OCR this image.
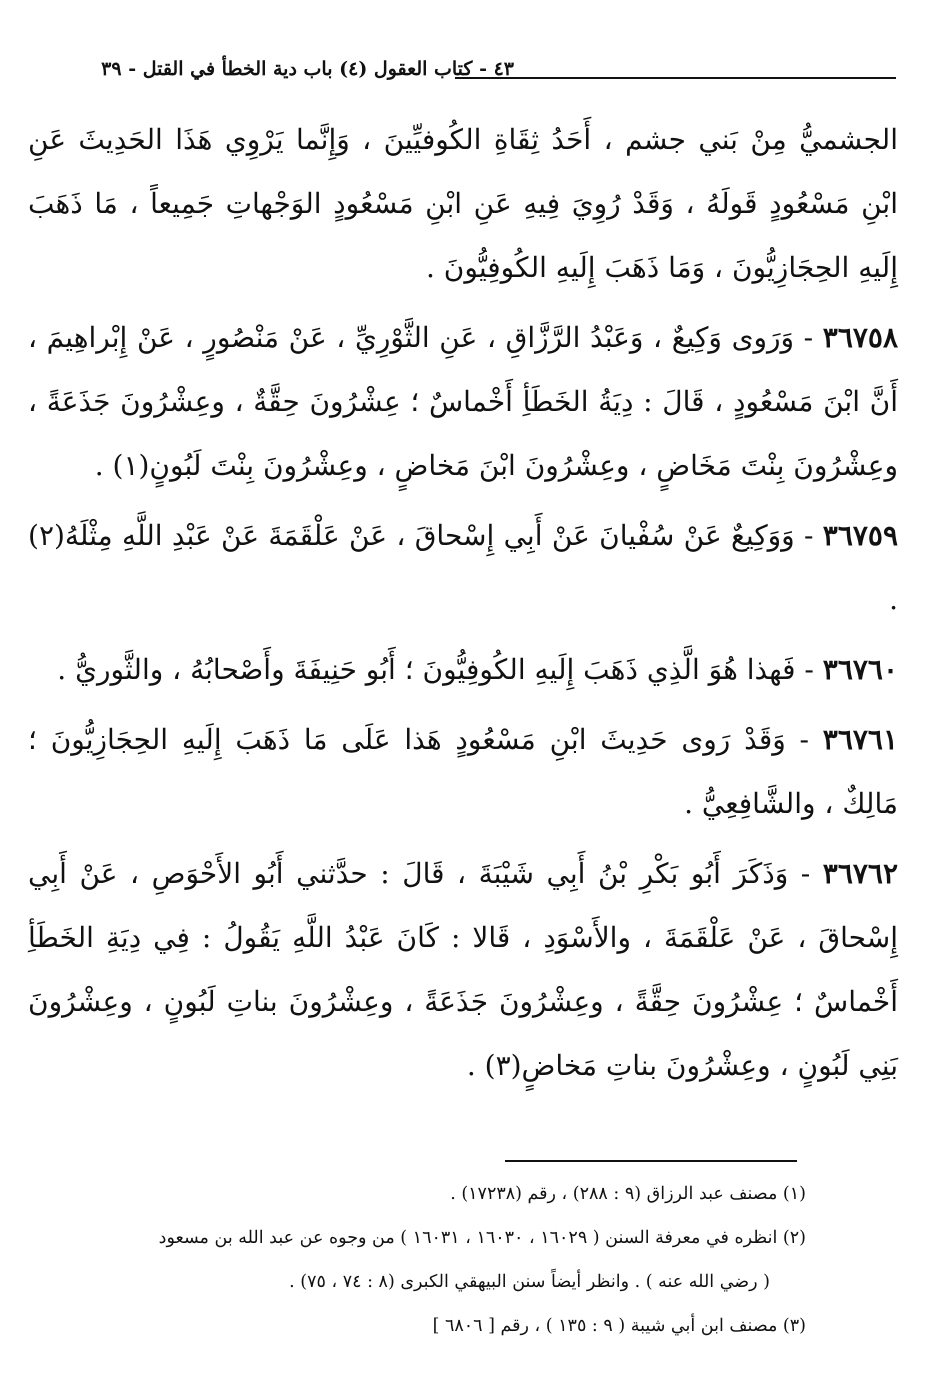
٤٣ - كتاب العقول (٤) باب دية الخطأ في القتل - ٣٩

الجشميُّ مِنْ بَني جشم ، أَحَدُ ثِقَاةِ الكُوفيِّينَ ، وَإِنَّما يَرْوِي هَذَا الحَدِيثَ عَنِ ابْنِ مَسْعُودٍ قَولَهُ ، وَقَدْ رُوِيَ فِيهِ عَنِ ابْنِ مَسْعُودٍ الوَجْهاتِ جَمِيعاً ، مَا ذَهَبَ إِلَيهِ الحِجَازِيُّونَ ، وَمَا ذَهَبَ إِلَيهِ الكُوفِيُّونَ .

٣٦٧٥٨ - وَرَوى وَكِيعٌ ، وَعَبْدُ الرَّزَّاقِ ، عَنِ الثَّوْرِيِّ ، عَنْ مَنْصُورٍ ، عَنْ إِبْراهِيمَ ، أَنَّ ابْنَ مَسْعُودٍ ، قَالَ : دِيَةُ الخَطَأِ أَخْماسٌ ؛ عِشْرُونَ حِقَّةٌ ، وعِشْرُونَ جَذَعَةً ، وعِشْرُونَ بِنْتَ مَخَاضٍ ، وعِشْرُونَ ابْنَ مَخاضٍ ، وعِشْرُونَ بِنْتَ لَبُونٍ(١) .

٣٦٧٥٩ - وَوَكِيعٌ عَنْ سُفْيانَ عَنْ أَبِي إِسْحاقَ ، عَنْ عَلْقَمَةَ عَنْ عَبْدِ اللَّهِ مِثْلَهُ(٢) .

٣٦٧٦٠ - فَهذا هُوَ الَّذِي ذَهَبَ إِلَيهِ الكُوفِيُّونَ ؛ أَبُو حَنِيفَةَ وأَصْحابُهُ ، والثَّوريُّ .

٣٦٧٦١ - وَقَدْ رَوى حَدِيثَ ابْنِ مَسْعُودٍ هَذا عَلَى مَا ذَهَبَ إِلَيهِ الحِجَازِيُّونَ ؛ مَالِكٌ ، والشَّافِعِيُّ .

٣٦٧٦٢ - وَذَكَرَ أَبُو بَكْرِ بْنُ أَبِي شَيْبَةَ ، قَالَ : حدَّثني أَبُو الأَحْوَصِ ، عَنْ أَبِي إِسْحاقَ ، عَنْ عَلْقَمَةَ ، والأَسْوَدِ ، قَالا : كَانَ عَبْدُ اللَّهِ يَقُولُ : فِي دِيَةِ الخَطَأِ أَخْماسٌ ؛ عِشْرُونَ حِقَّةً ، وعِشْرُونَ جَذَعَةً ، وعِشْرُونَ بناتِ لَبُونٍ ، وعِشْرُونَ بَنِي لَبُونٍ ، وعِشْرُونَ بناتِ مَخاضٍ(٣) .

(١) مصنف عبد الرزاق (٩ : ٢٨٨) ، رقم (١٧٢٣٨) .

(٢) انظره في معرفة السنن ( ١٦٠٢٩ ، ١٦٠٣٠ ، ١٦٠٣١ ) من وجوه عن عبد الله بن مسعود

( رضي الله عنه ) . وانظر أيضاً سنن البيهقي الكبرى (٨ : ٧٤ ، ٧٥) .

(٣) مصنف ابن أبي شيبة ( ٩ : ١٣٥ ) ، رقم [ ٦٨٠٦ ]
